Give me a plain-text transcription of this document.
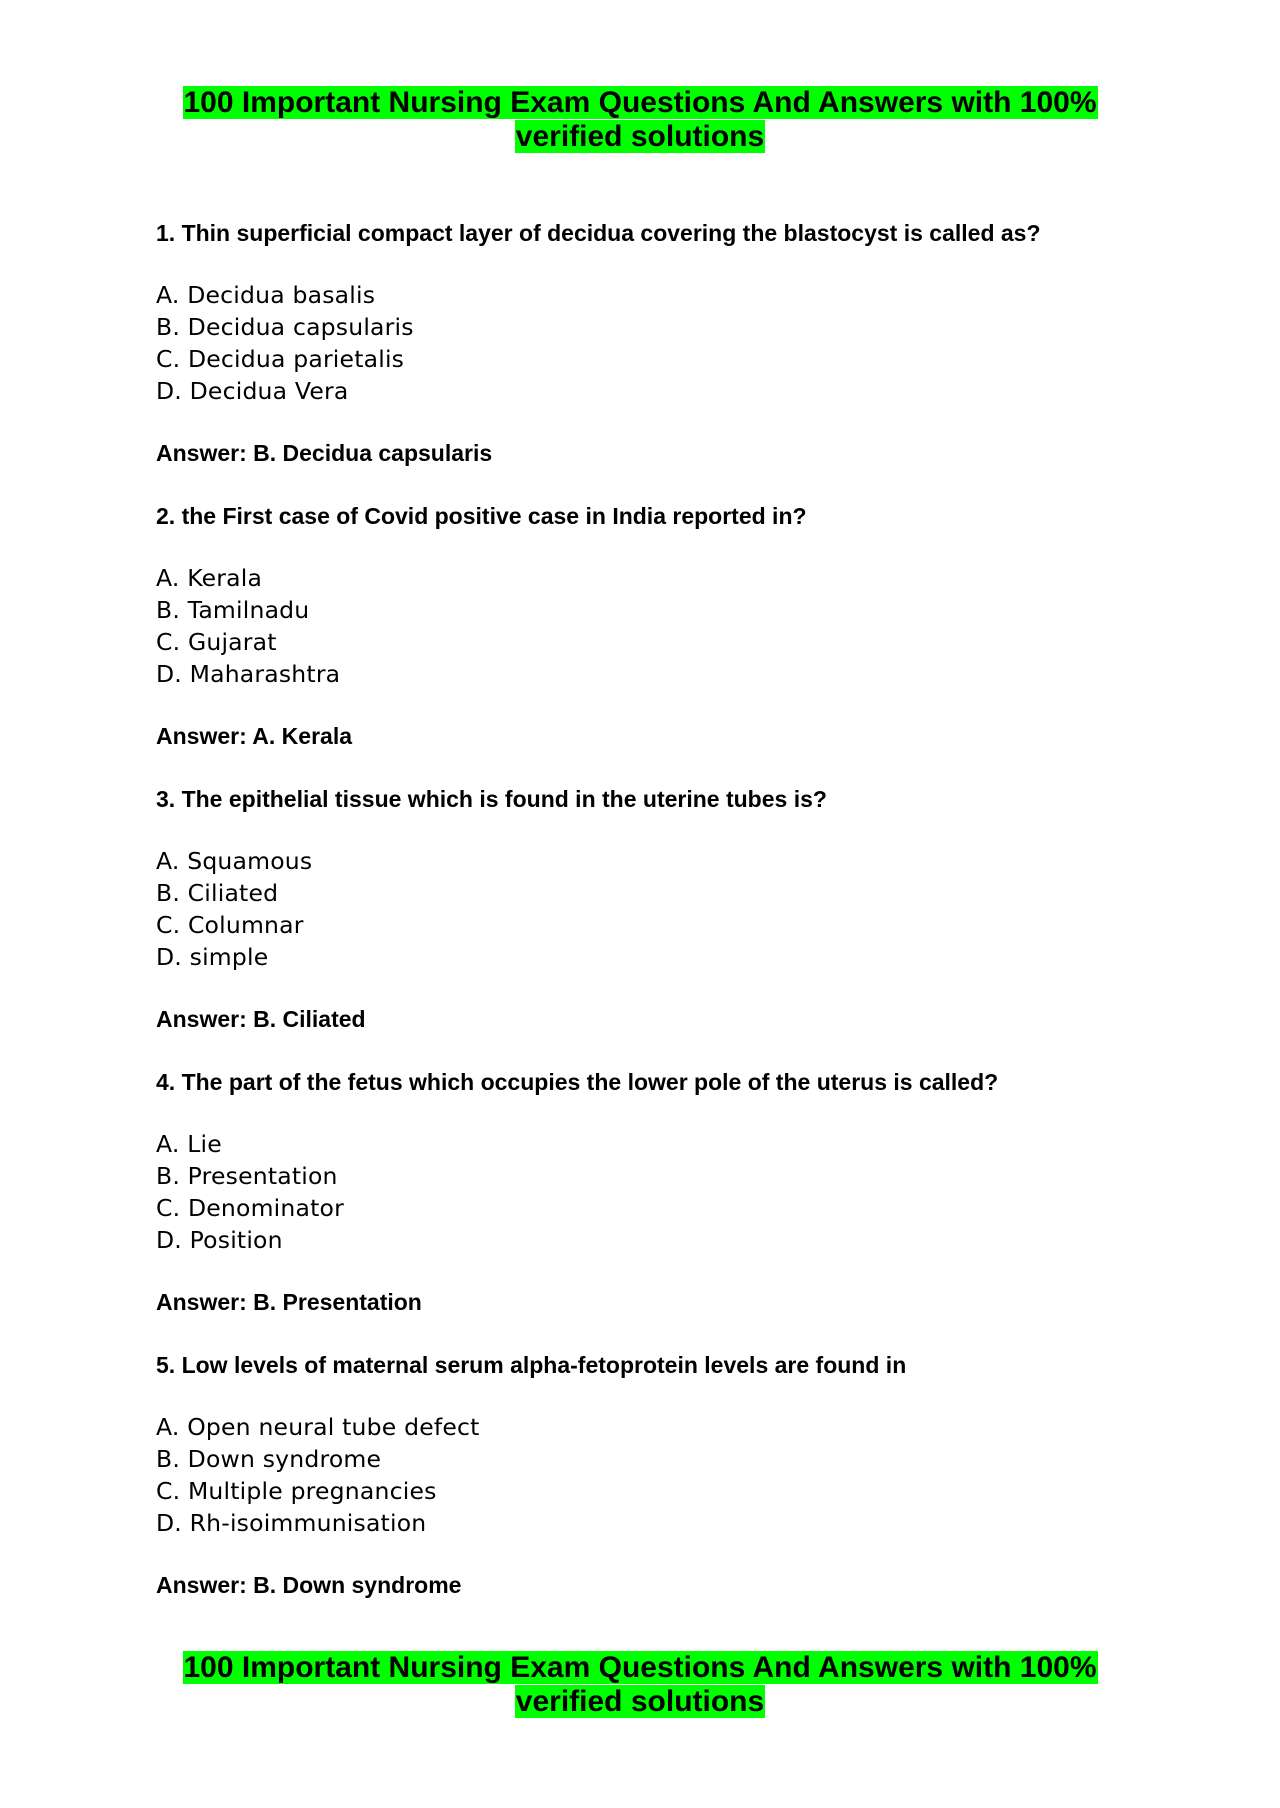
100 Important Nursing Exam Questions And Answers with 100%
verified solutions
1. Thin superficial compact layer of decidua covering the blastocyst is called as?
A. Decidua basalis
B. Decidua capsularis
C. Decidua parietalis
D. Decidua Vera
Answer: B. Decidua capsularis
2. the First case of Covid positive case in India reported in?
A. Kerala
B. Tamilnadu
C. Gujarat
D. Maharashtra
Answer: A. Kerala
3. The epithelial tissue which is found in the uterine tubes is?
A. Squamous
B. Ciliated
C. Columnar
D. simple
Answer: B. Ciliated
4. The part of the fetus which occupies the lower pole of the uterus is called?
A. Lie
B. Presentation
C. Denominator
D. Position
Answer: B. Presentation
5. Low levels of maternal serum alpha-fetoprotein levels are found in
A. Open neural tube defect
B. Down syndrome
C. Multiple pregnancies
D. Rh-isoimmunisation
Answer: B. Down syndrome
100 Important Nursing Exam Questions And Answers with 100%
verified solutions
